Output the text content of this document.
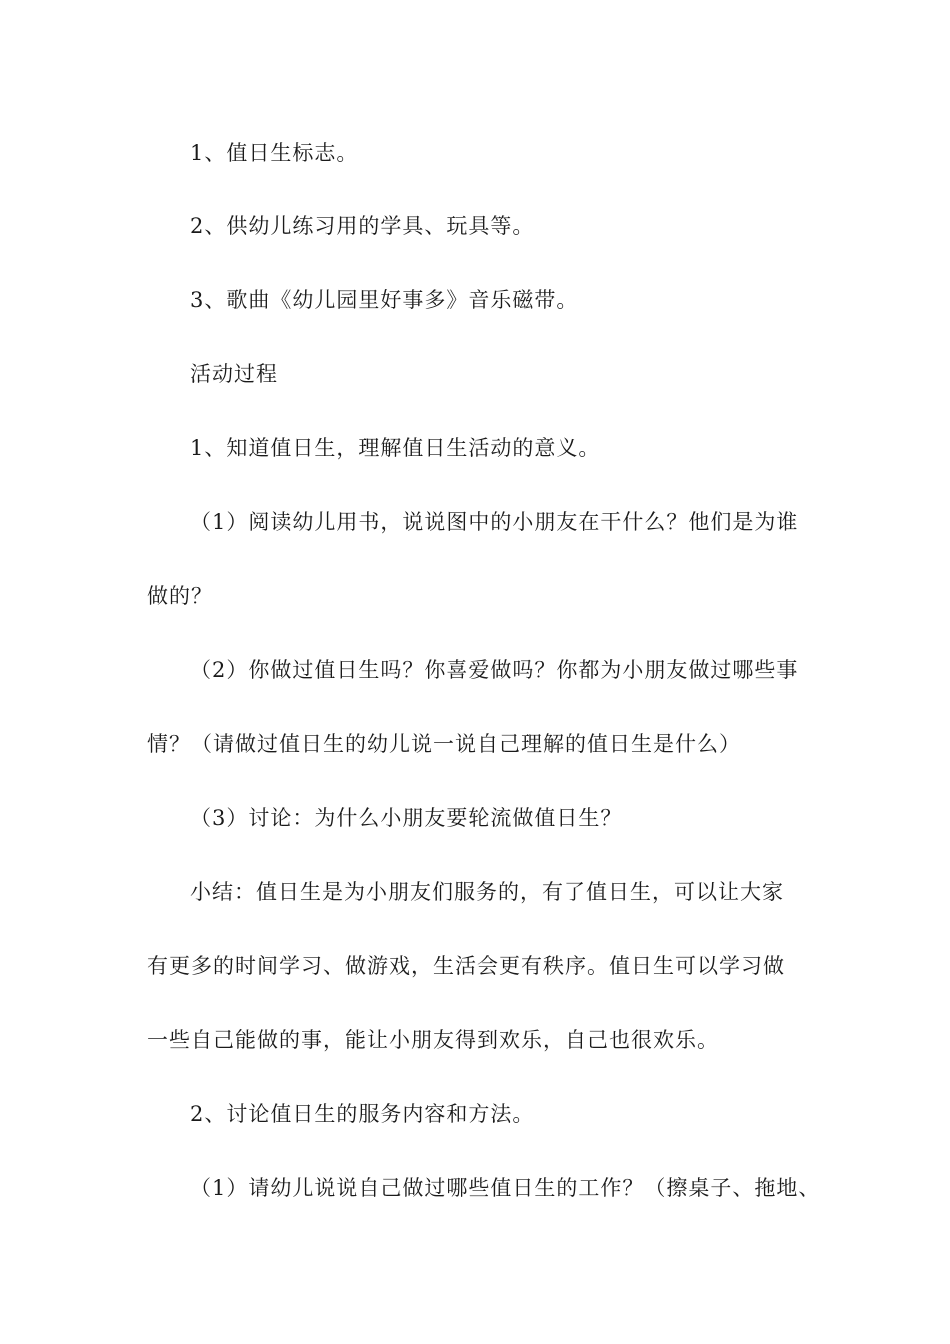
1、值日生标志。
2、供幼儿练习用的学具、玩具等。
3、歌曲《幼儿园里好事多》音乐磁带。
活动过程
1、知道值日生，理解值日生活动的意义。
（1）阅读幼儿用书，说说图中的小朋友在干什么？他们是为谁
做的？
（2）你做过值日生吗？你喜爱做吗？你都为小朋友做过哪些事
情？（请做过值日生的幼儿说一说自己理解的值日生是什么）
（3）讨论：为什么小朋友要轮流做值日生？
小结：值日生是为小朋友们服务的，有了值日生，可以让大家
有更多的时间学习、做游戏，生活会更有秩序。值日生可以学习做
一些自己能做的事，能让小朋友得到欢乐，自己也很欢乐。
2、讨论值日生的服务内容和方法。
（1）请幼儿说说自己做过哪些值日生的工作？（擦桌子、拖地、
